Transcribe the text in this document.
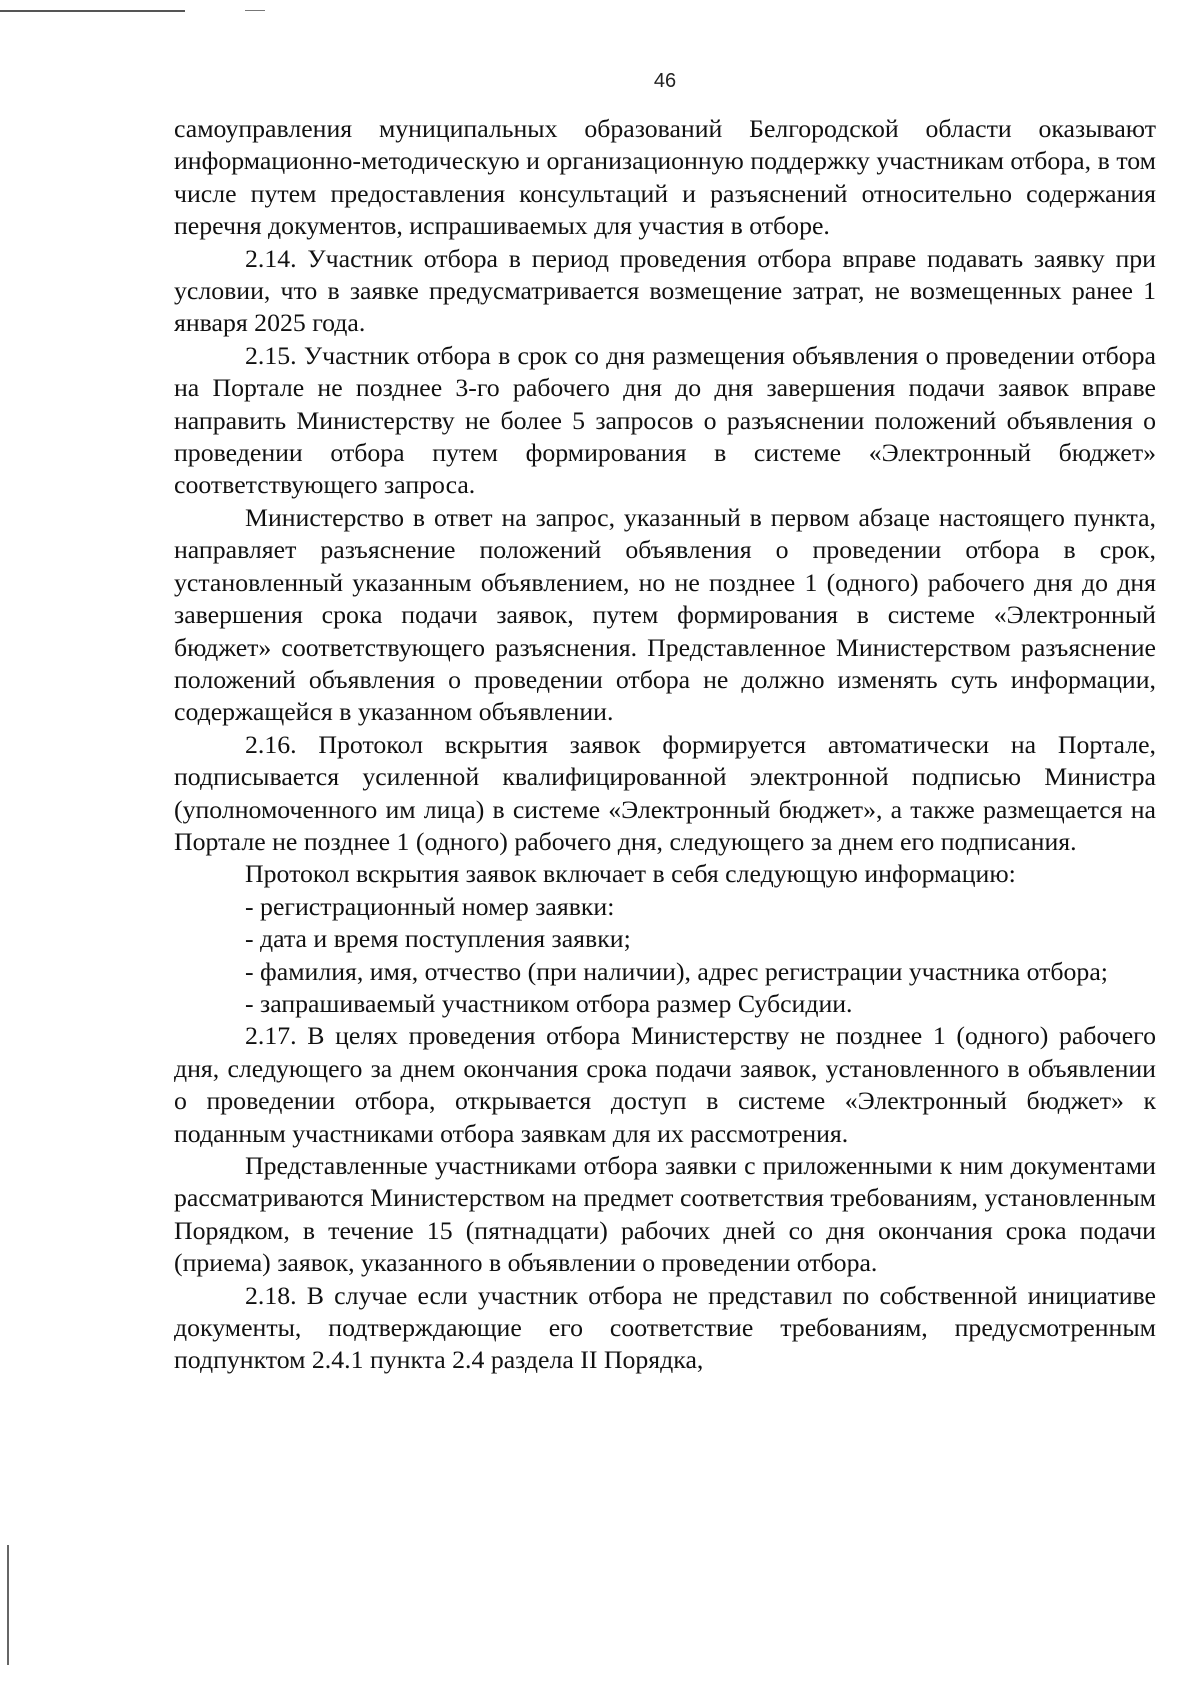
46

самоуправления муниципальных образований Белгородской области оказывают информационно-методическую и организационную поддержку участникам отбора, в том числе путем предоставления консультаций и разъяснений относительно содержания перечня документов, испрашиваемых для участия в отборе.

2.14. Участник отбора в период проведения отбора вправе подавать заявку при условии, что в заявке предусматривается возмещение затрат, не возмещенных ранее 1 января 2025 года.

2.15. Участник отбора в срок со дня размещения объявления о проведении отбора на Портале не позднее 3-го рабочего дня до дня завершения подачи заявок вправе направить Министерству не более 5 запросов о разъяснении положений объявления о проведении отбора путем формирования в системе «Электронный бюджет» соответствующего запроса.

Министерство в ответ на запрос, указанный в первом абзаце настоящего пункта, направляет разъяснение положений объявления о проведении отбора в срок, установленный указанным объявлением, но не позднее 1 (одного) рабочего дня до дня завершения срока подачи заявок, путем формирования в системе «Электронный бюджет» соответствующего разъяснения. Представленное Министерством разъяснение положений объявления о проведении отбора не должно изменять суть информации, содержащейся в указанном объявлении.

2.16. Протокол вскрытия заявок формируется автоматически на Портале, подписывается усиленной квалифицированной электронной подписью Министра (уполномоченного им лица) в системе «Электронный бюджет», а также размещается на Портале не позднее 1 (одного) рабочего дня, следующего за днем его подписания.

Протокол вскрытия заявок включает в себя следующую информацию:

- регистрационный номер заявки:

- дата и время поступления заявки;

- фамилия, имя, отчество (при наличии), адрес регистрации участника отбора;

- запрашиваемый участником отбора размер Субсидии.

2.17. В целях проведения отбора Министерству не позднее 1 (одного) рабочего дня, следующего за днем окончания срока подачи заявок, установленного в объявлении о проведении отбора, открывается доступ в системе «Электронный бюджет» к поданным участниками отбора заявкам для их рассмотрения.

Представленные участниками отбора заявки с приложенными к ним документами рассматриваются Министерством на предмет соответствия требованиям, установленным Порядком, в течение 15 (пятнадцати) рабочих дней со дня окончания срока подачи (приема) заявок, указанного в объявлении о проведении отбора.

2.18. В случае если участник отбора не представил по собственной инициативе документы, подтверждающие его соответствие требованиям, предусмотренным подпунктом 2.4.1 пункта 2.4 раздела II Порядка,
